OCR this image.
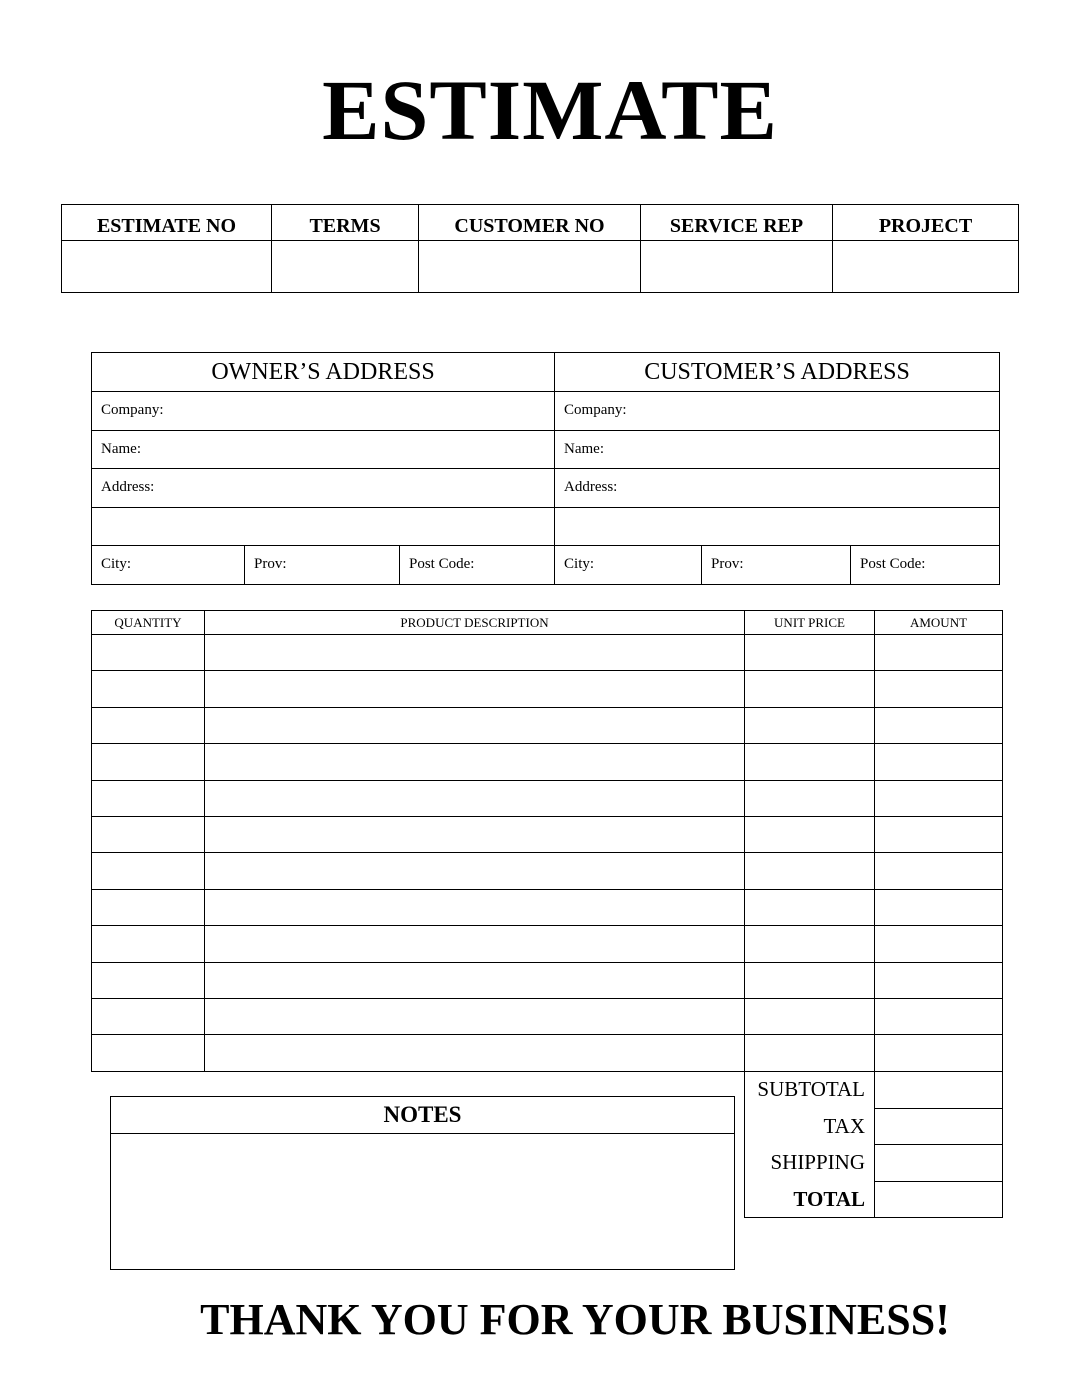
ESTIMATE
ESTIMATE NO	TERMS	CUSTOMER NO	SERVICE REP	PROJECT

OWNER’S ADDRESS			CUSTOMER’S ADDRESS		
Company:			Company:		
Name:			Name:		
Address:			Address:		

City:	Prov:	Post Code:	City:	Prov:	Post Code:
QUANTITY	PRODUCT DESCRIPTION	UNIT PRICE	AMOUNT

NOTES
SUBTOTAL	
TAX	
SHIPPING	
TOTAL	
THANK YOU FOR YOUR BUSINESS!
